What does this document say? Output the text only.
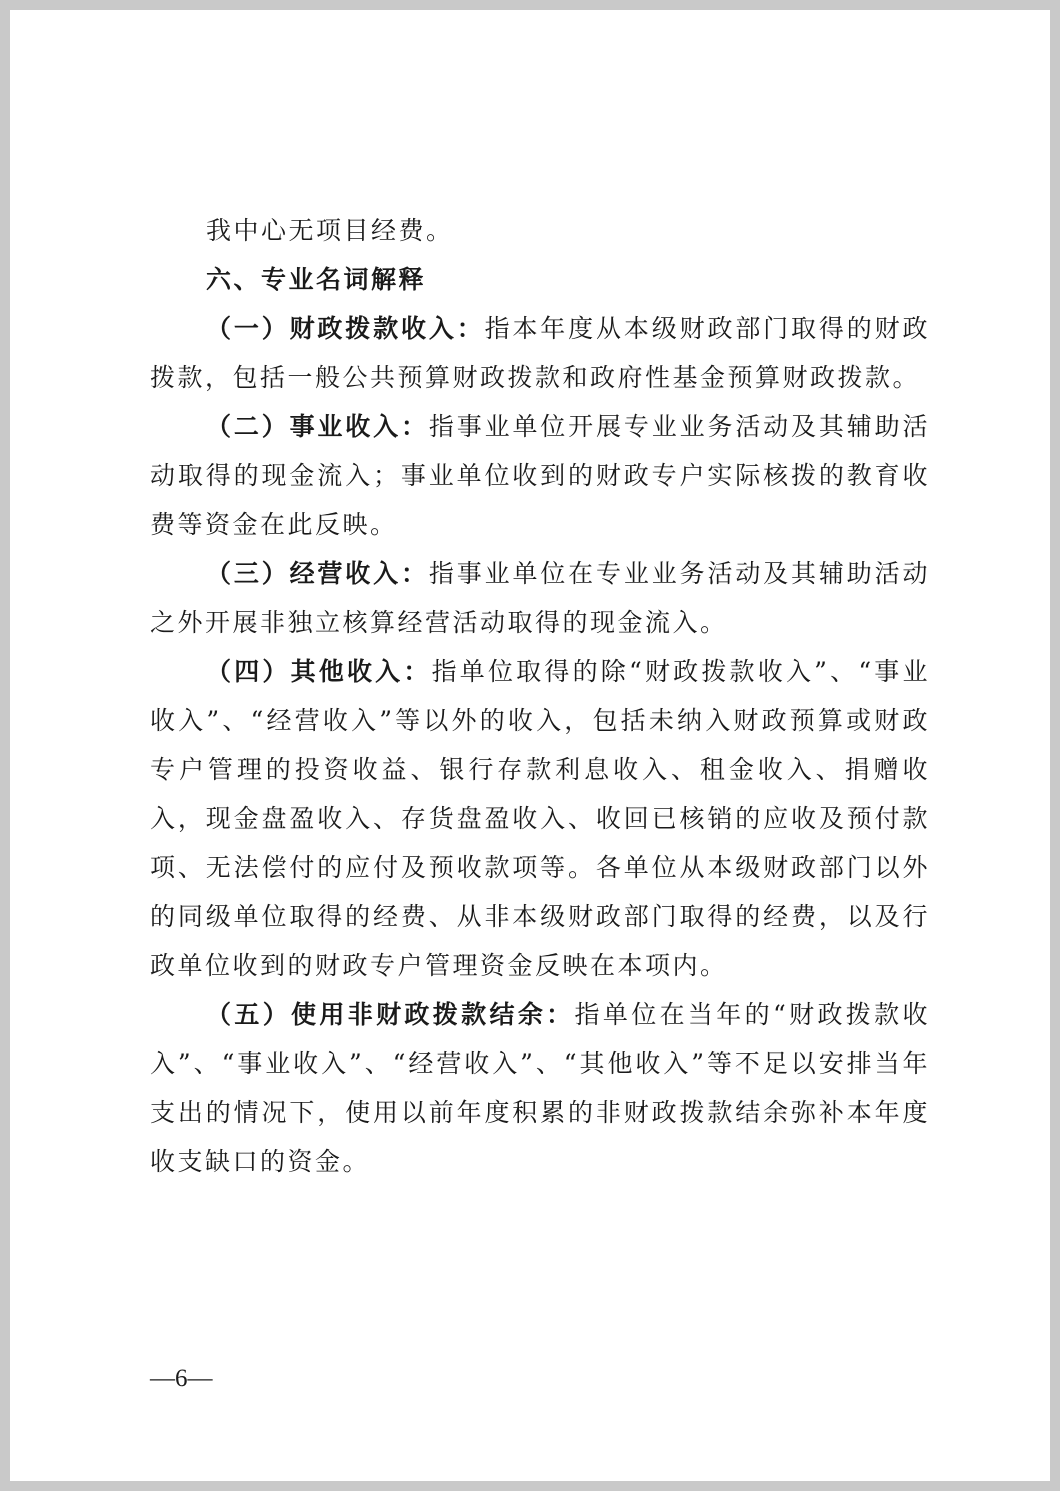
我中心无项目经费。

六、专业名词解释

（一）财政拨款收入：指本年度从本级财政部门取得的财政拨款，包括一般公共预算财政拨款和政府性基金预算财政拨款。

（二）事业收入：指事业单位开展专业业务活动及其辅助活动取得的现金流入；事业单位收到的财政专户实际核拨的教育收费等资金在此反映。

（三）经营收入：指事业单位在专业业务活动及其辅助活动之外开展非独立核算经营活动取得的现金流入。

（四）其他收入：指单位取得的除“财政拨款收入”、“事业收入”、“经营收入”等以外的收入，包括未纳入财政预算或财政专户管理的投资收益、银行存款利息收入、租金收入、捐赠收入，现金盘盈收入、存货盘盈收入、收回已核销的应收及预付款项、无法偿付的应付及预收款项等。各单位从本级财政部门以外的同级单位取得的经费、从非本级财政部门取得的经费，以及行政单位收到的财政专户管理资金反映在本项内。

（五）使用非财政拨款结余：指单位在当年的“财政拨款收入”、“事业收入”、“经营收入”、“其他收入”等不足以安排当年支出的情况下，使用以前年度积累的非财政拨款结余弥补本年度收支缺口的资金。

—6—
